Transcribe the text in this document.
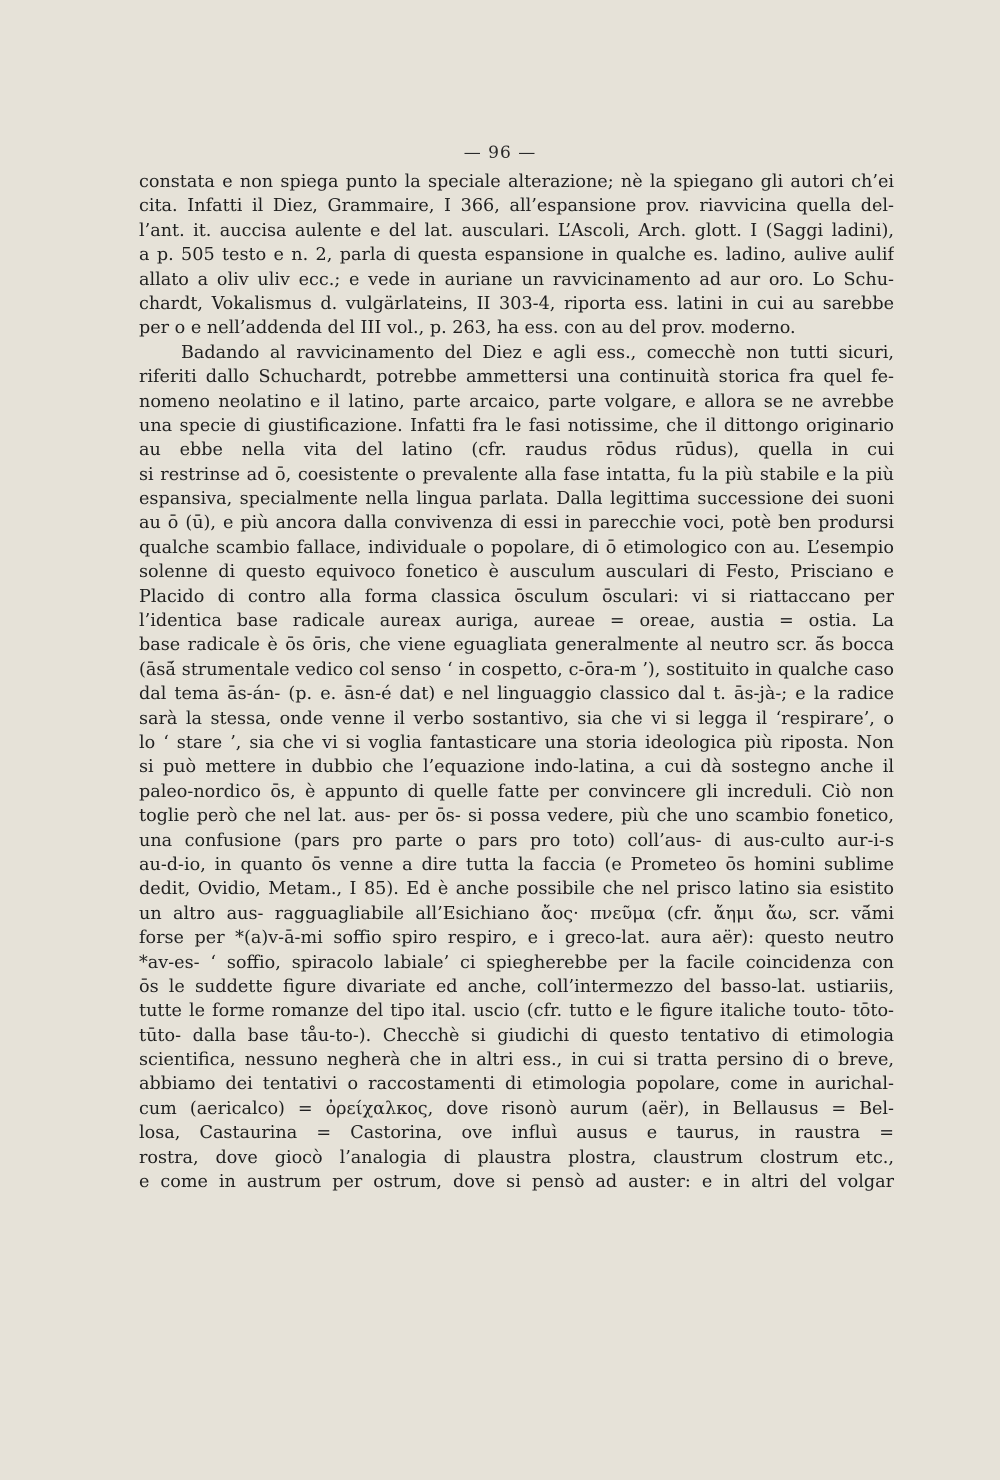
— 96 —
constata e non spiega punto la speciale alterazione; nè la spiegano gli autori ch’ei
cita. Infatti il Diez, Grammaire, I 366, all’espansione prov. riavvicina quella del-
l’ant. it. auccisa aulente e del lat. ausculari. L’Ascoli, Arch. glott. I (Saggi ladini),
a p. 505 testo e n. 2, parla di questa espansione in qualche es. ladino, aulive aulif
allato a oliv uliv ecc.; e vede in auriane un ravvicinamento ad aur oro. Lo Schu-
chardt, Vokalismus d. vulgärlateins, II 303-4, riporta ess. latini in cui au sarebbe
per o e nell’addenda del III vol., p. 263, ha ess. con au del prov. moderno.
Badando al ravvicinamento del Diez e agli ess., comecchè non tutti sicuri,
riferiti dallo Schuchardt, potrebbe ammettersi una continuità storica fra quel fe-
nomeno neolatino e il latino, parte arcaico, parte volgare, e allora se ne avrebbe
una specie di giustificazione. Infatti fra le fasi notissime, che il dittongo originario
au ebbe nella vita del latino (cfr. raudus rōdus rūdus), quella in cui
si restrinse ad ō, coesistente o prevalente alla fase intatta, fu la più stabile e la più
espansiva, specialmente nella lingua parlata. Dalla legittima successione dei suoni
au ō (ū), e più ancora dalla convivenza di essi in parecchie voci, potè ben prodursi
qualche scambio fallace, individuale o popolare, di ō etimologico con au. L’esempio
solenne di questo equivoco fonetico è ausculum ausculari di Festo, Prisciano e
Placido di contro alla forma classica ōsculum ōsculari: vi si riattaccano per
l’identica base radicale aureax auriga, aureae = oreae, austia = ostia. La
base radicale è ōs ōris, che viene eguagliata generalmente al neutro scr. ā́s bocca
(āsā́ strumentale vedico col senso ‘ in cospetto, c-ōra-m ’), sostituito in qualche caso
dal tema ās-án- (p. e. āsn-é dat) e nel linguaggio classico dal t. ās-jà-; e la radice
sarà la stessa, onde venne il verbo sostantivo, sia che vi si legga il ‘respirare’, o
lo ‘ stare ’, sia che vi si voglia fantasticare una storia ideologica più riposta. Non
si può mettere in dubbio che l’equazione indo-latina, a cui dà sostegno anche il
paleo-nordico ōs, è appunto di quelle fatte per convincere gli increduli. Ciò non
toglie però che nel lat. aus- per ōs- si possa vedere, più che uno scambio fonetico,
una confusione (pars pro parte o pars pro toto) coll’aus- di aus-culto aur-i-s
au-d-io, in quanto ōs venne a dire tutta la faccia (e Prometeo ōs homini sublime
dedit, Ovidio, Metam., I 85). Ed è anche possibile che nel prisco latino sia esistito
un altro aus- ragguagliabile all’Esichiano ἄος· πνεῦμα (cfr. ἄημι ἄω, scr. vā́mi
forse per *(a)v-ā-mi soffio spiro respiro, e i greco-lat. aura aër): questo neutro
*av-es- ‘ soffio, spiracolo labiale’ ci spiegherebbe per la facile coincidenza con
ōs le suddette figure divariate ed anche, coll’intermezzo del basso-lat. ustiariis,
tutte le forme romanze del tipo ital. uscio (cfr. tutto e le figure italiche touto- tōto-
tūto- dalla base tåu-to-). Checchè si giudichi di questo tentativo di etimologia
scientifica, nessuno negherà che in altri ess., in cui si tratta persino di o breve,
abbiamo dei tentativi o raccostamenti di etimologia popolare, come in aurichal-
cum (aericalco) = ὀρείχαλκος, dove risonò aurum (aër), in Bellausus = Bel-
losa, Castaurina = Castorina, ove influì ausus e taurus, in raustra =
rostra, dove giocò l’analogia di plaustra plostra, claustrum clostrum etc.,
e come in austrum per ostrum, dove si pensò ad auster: e in altri del volgar
